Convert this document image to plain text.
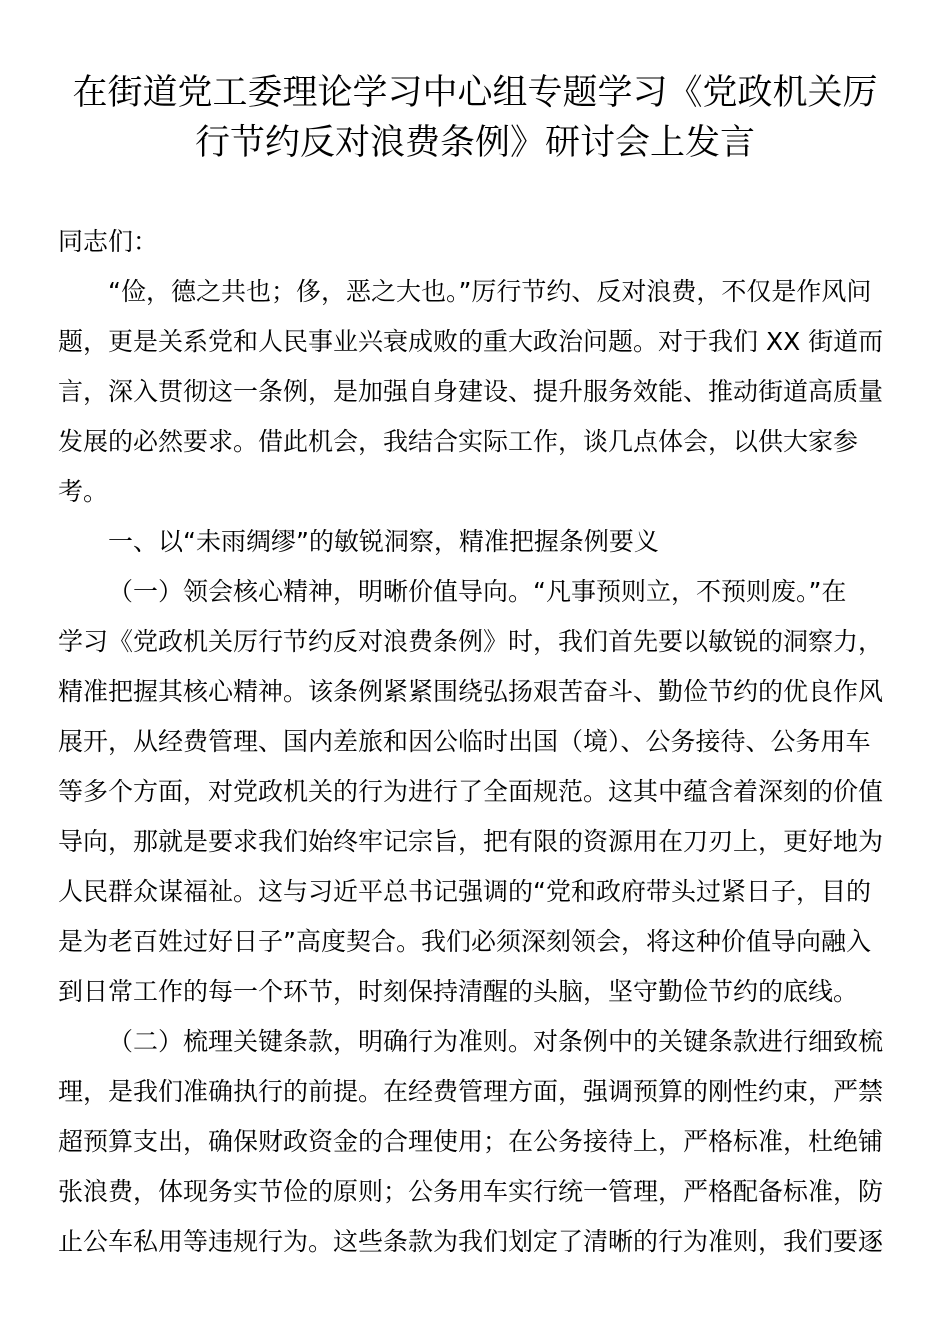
在街道党工委理论学习中心组专题学习《党政机关厉
行节约反对浪费条例》研讨会上发言
同志们：
“俭，德之共也；侈，恶之大也。”厉行节约、反对浪费，不仅是作风问
题，更是关系党和人民事业兴衰成败的重大政治问题。对于我们 XX 街道而
言，深入贯彻这一条例，是加强自身建设、提升服务效能、推动街道高质量
发展的必然要求。借此机会，我结合实际工作，谈几点体会，以供大家参
考。
一、以“未雨绸缪”的敏锐洞察，精准把握条例要义
（一）领会核心精神，明晰价值导向。“凡事预则立，不预则废。”在
学习《党政机关厉行节约反对浪费条例》时，我们首先要以敏锐的洞察力，
精准把握其核心精神。该条例紧紧围绕弘扬艰苦奋斗、勤俭节约的优良作风
展开，从经费管理、国内差旅和因公临时出国（境）、公务接待、公务用车
等多个方面，对党政机关的行为进行了全面规范。这其中蕴含着深刻的价值
导向，那就是要求我们始终牢记宗旨，把有限的资源用在刀刃上，更好地为
人民群众谋福祉。这与习近平总书记强调的“党和政府带头过紧日子，目的
是为老百姓过好日子”高度契合。我们必须深刻领会，将这种价值导向融入
到日常工作的每一个环节，时刻保持清醒的头脑，坚守勤俭节约的底线。
（二）梳理关键条款，明确行为准则。对条例中的关键条款进行细致梳
理，是我们准确执行的前提。在经费管理方面，强调预算的刚性约束，严禁
超预算支出，确保财政资金的合理使用；在公务接待上，严格标准，杜绝铺
张浪费，体现务实节俭的原则；公务用车实行统一管理，严格配备标准，防
止公车私用等违规行为。这些条款为我们划定了清晰的行为准则，我们要逐
